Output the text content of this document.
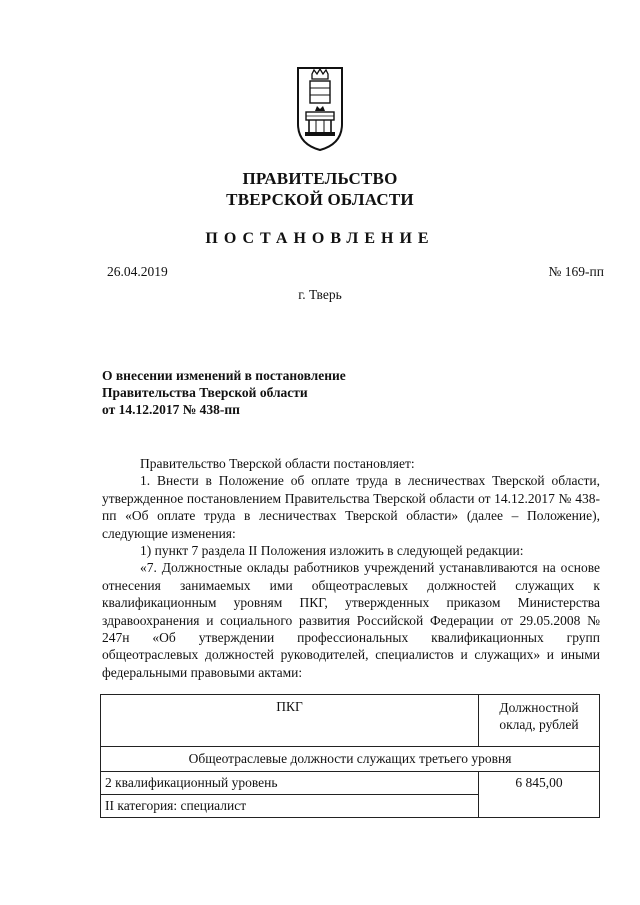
ПРАВИТЕЛЬСТВО
ТВЕРСКОЙ ОБЛАСТИ
ПОСТАНОВЛЕНИЕ
26.04.2019	№ 169-пп
г. Тверь
О внесении изменений в постановление
Правительства Тверской области
от 14.12.2017 № 438-пп

Правительство Тверской области постановляет:

1. Внести в Положение об оплате труда в лесничествах Тверской области, утвержденное постановлением Правительства Тверской области от 14.12.2017 № 438-пп «Об оплате труда в лесничествах Тверской области» (далее – Положение), следующие изменения:

1) пункт 7 раздела II Положения изложить в следующей редакции:

«7. Должностные оклады работников учреждений устанавливаются на основе отнесения занимаемых ими общеотраслевых должностей служащих к квалификационным уровням ПКГ, утвержденных приказом Министерства здравоохранения и социального развития Российской Федерации от 29.05.2008 № 247н «Об утверждении профессиональных квалификационных групп общеотраслевых должностей руководителей, специалистов и служащих» и иными федеральными правовыми актами:

ПКГ	Должностной оклад, рублей
Общеотраслевые должности служащих третьего уровня	
2 квалификационный уровень	6 845,00
II категория: специалист	
